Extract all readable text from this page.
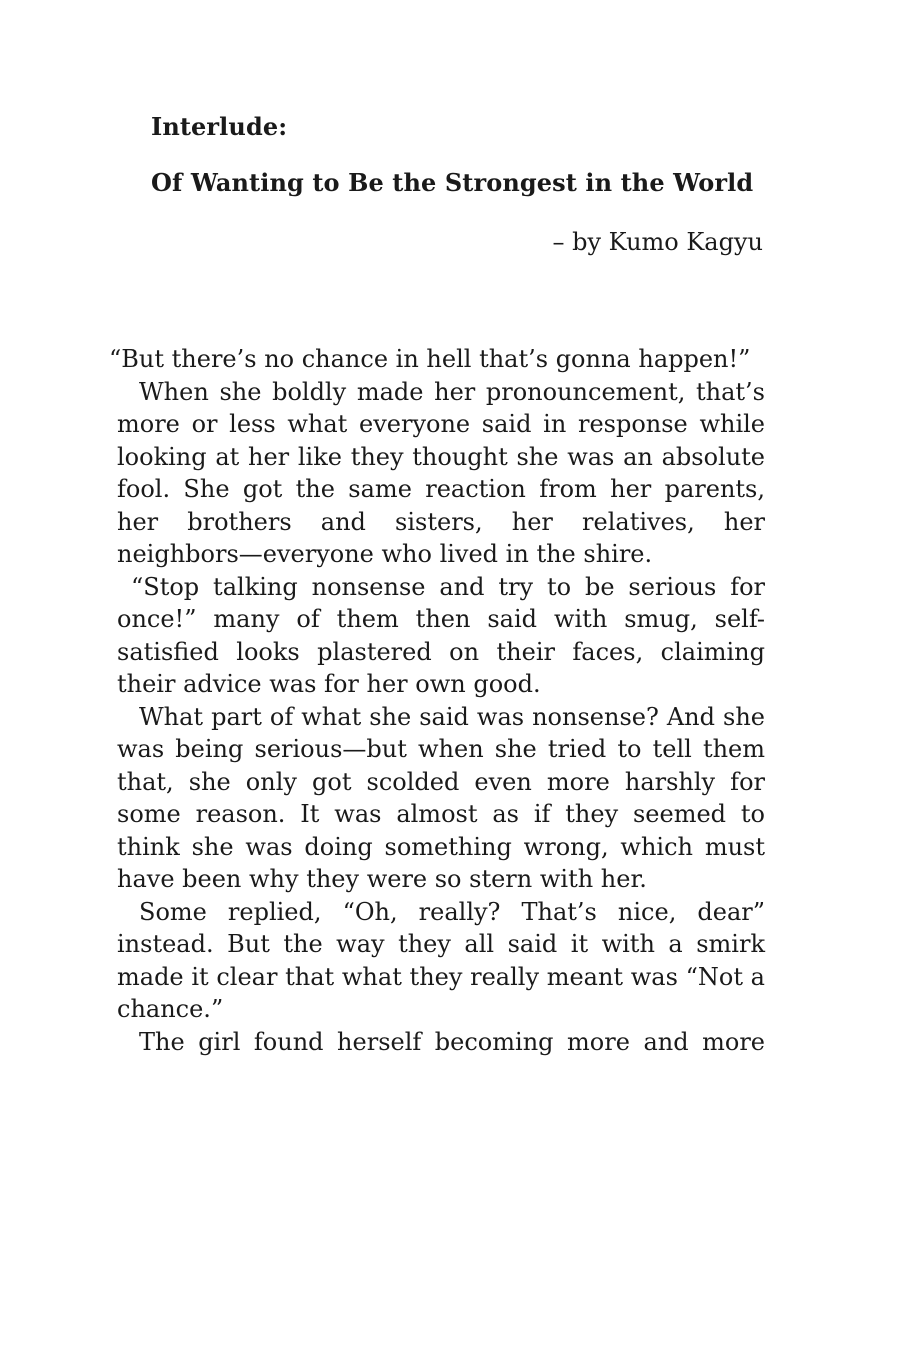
Interlude:
Of Wanting to Be the Strongest in the World
– by Kumo Kagyu

“But there’s no chance in hell that’s gonna happen!”

When she boldly made her pronouncement, that’s more or less what everyone said in response while looking at her like they thought she was an absolute fool. She got the same reaction from her parents, her brothers and sisters, her relatives, her neighbors—everyone who lived in the shire.

“Stop talking nonsense and try to be serious for once!” many of them then said with smug, self-satisfied looks plastered on their faces, claiming their advice was for her own good.

What part of what she said was nonsense? And she was being serious—but when she tried to tell them that, she only got scolded even more harshly for some reason. It was almost as if they seemed to think she was doing something wrong, which must have been why they were so stern with her.

Some replied, “Oh, really? That’s nice, dear” instead. But the way they all said it with a smirk made it clear that what they really meant was “Not a chance.”

The girl found herself becoming more and more
